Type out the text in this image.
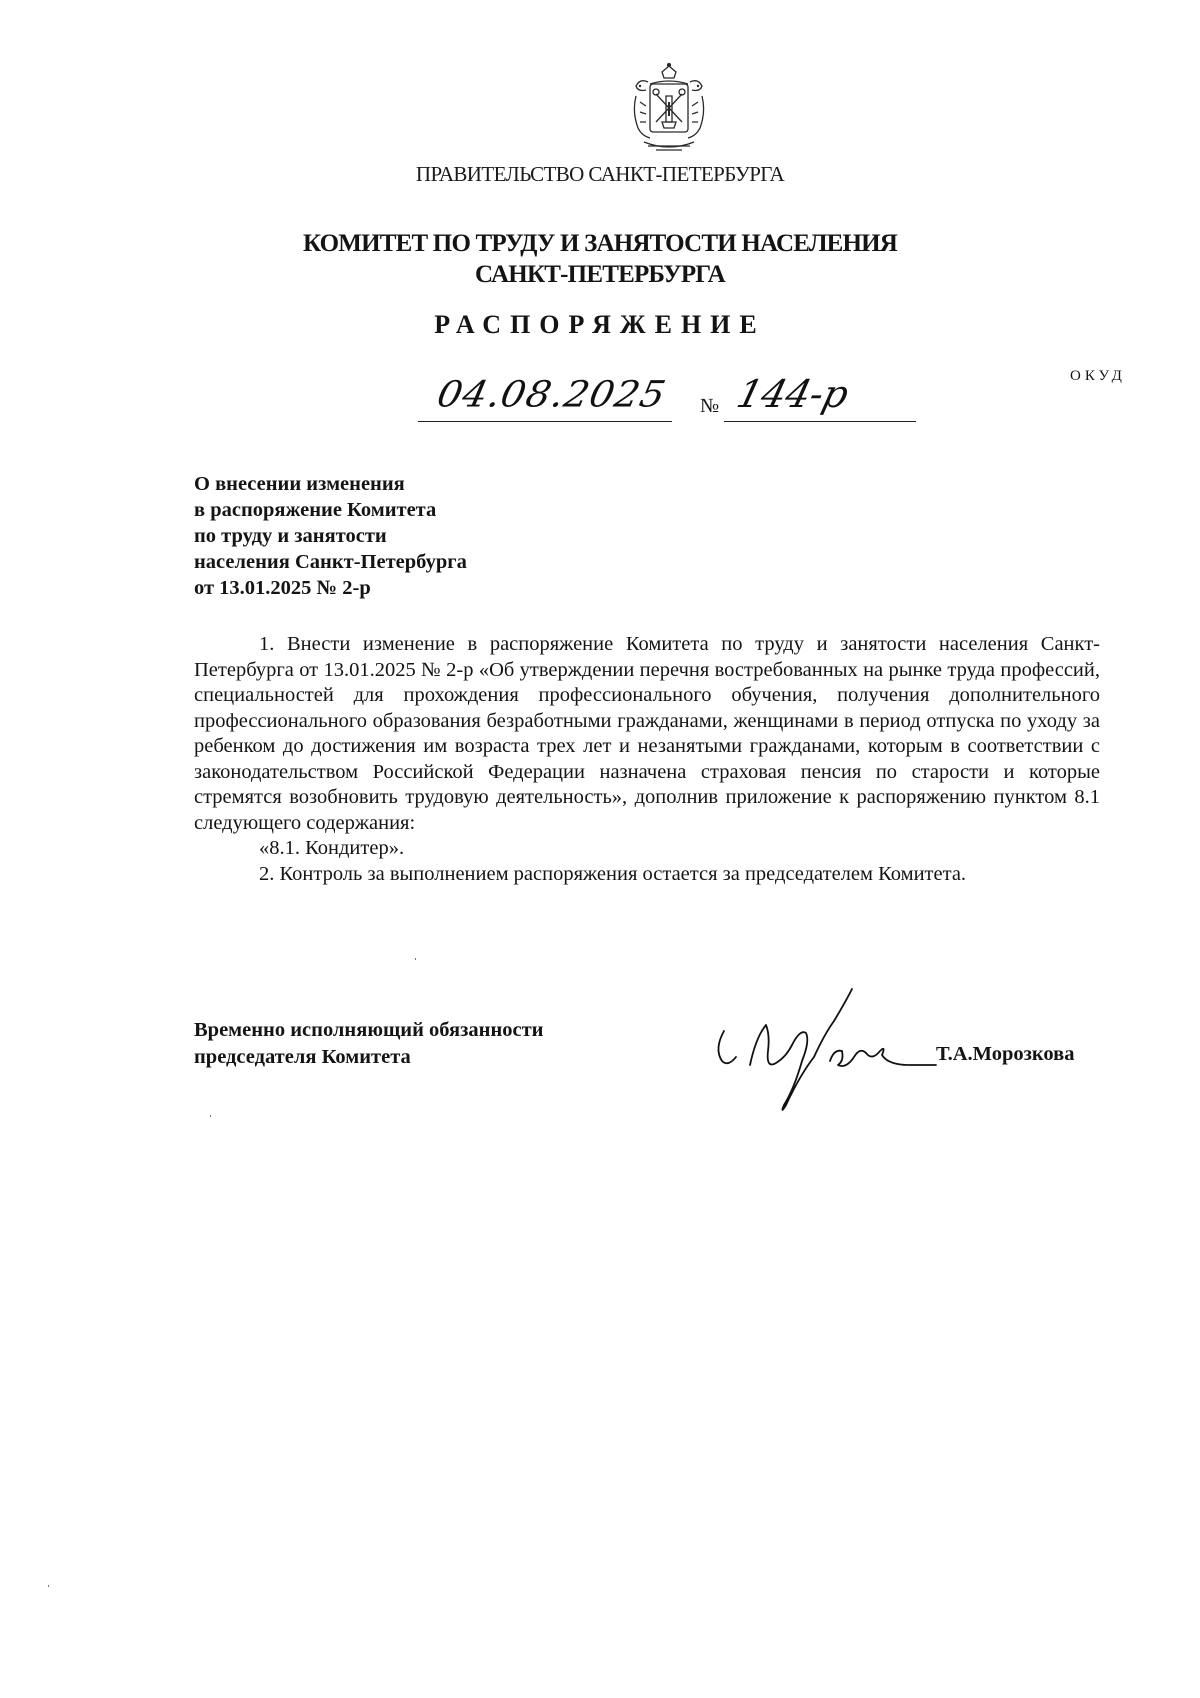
ПРАВИТЕЛЬСТВО САНКТ-ПЕТЕРБУРГА
КОМИТЕТ ПО ТРУДУ И ЗАНЯТОСТИ НАСЕЛЕНИЯ
САНКТ-ПЕТЕРБУРГА
РАСПОРЯЖЕНИЕ
ОКУД
04.08.2025 № 144-р
О внесении изменения
в распоряжение Комитета
по труду и занятости
населения Санкт-Петербурга
от 13.01.2025 № 2-р

1. Внести изменение в распоряжение Комитета по труду и занятости населения Санкт-Петербурга от 13.01.2025 № 2-р «Об утверждении перечня востребованных на рынке труда профессий, специальностей для прохождения профессионального обучения, получения дополнительного профессионального образования безработными гражданами, женщинами в период отпуска по уходу за ребенком до достижения им возраста трех лет и незанятыми гражданами, которым в соответствии с законодательством Российской Федерации назначена страховая пенсия по старости и которые стремятся возобновить трудовую деятельность», дополнив приложение к распоряжению пунктом 8.1 следующего содержания:

«8.1. Кондитер».

2. Контроль за выполнением распоряжения остается за председателем Комитета.

Временно исполняющий обязанности
председателя Комитета	Т.А.Морозкова
